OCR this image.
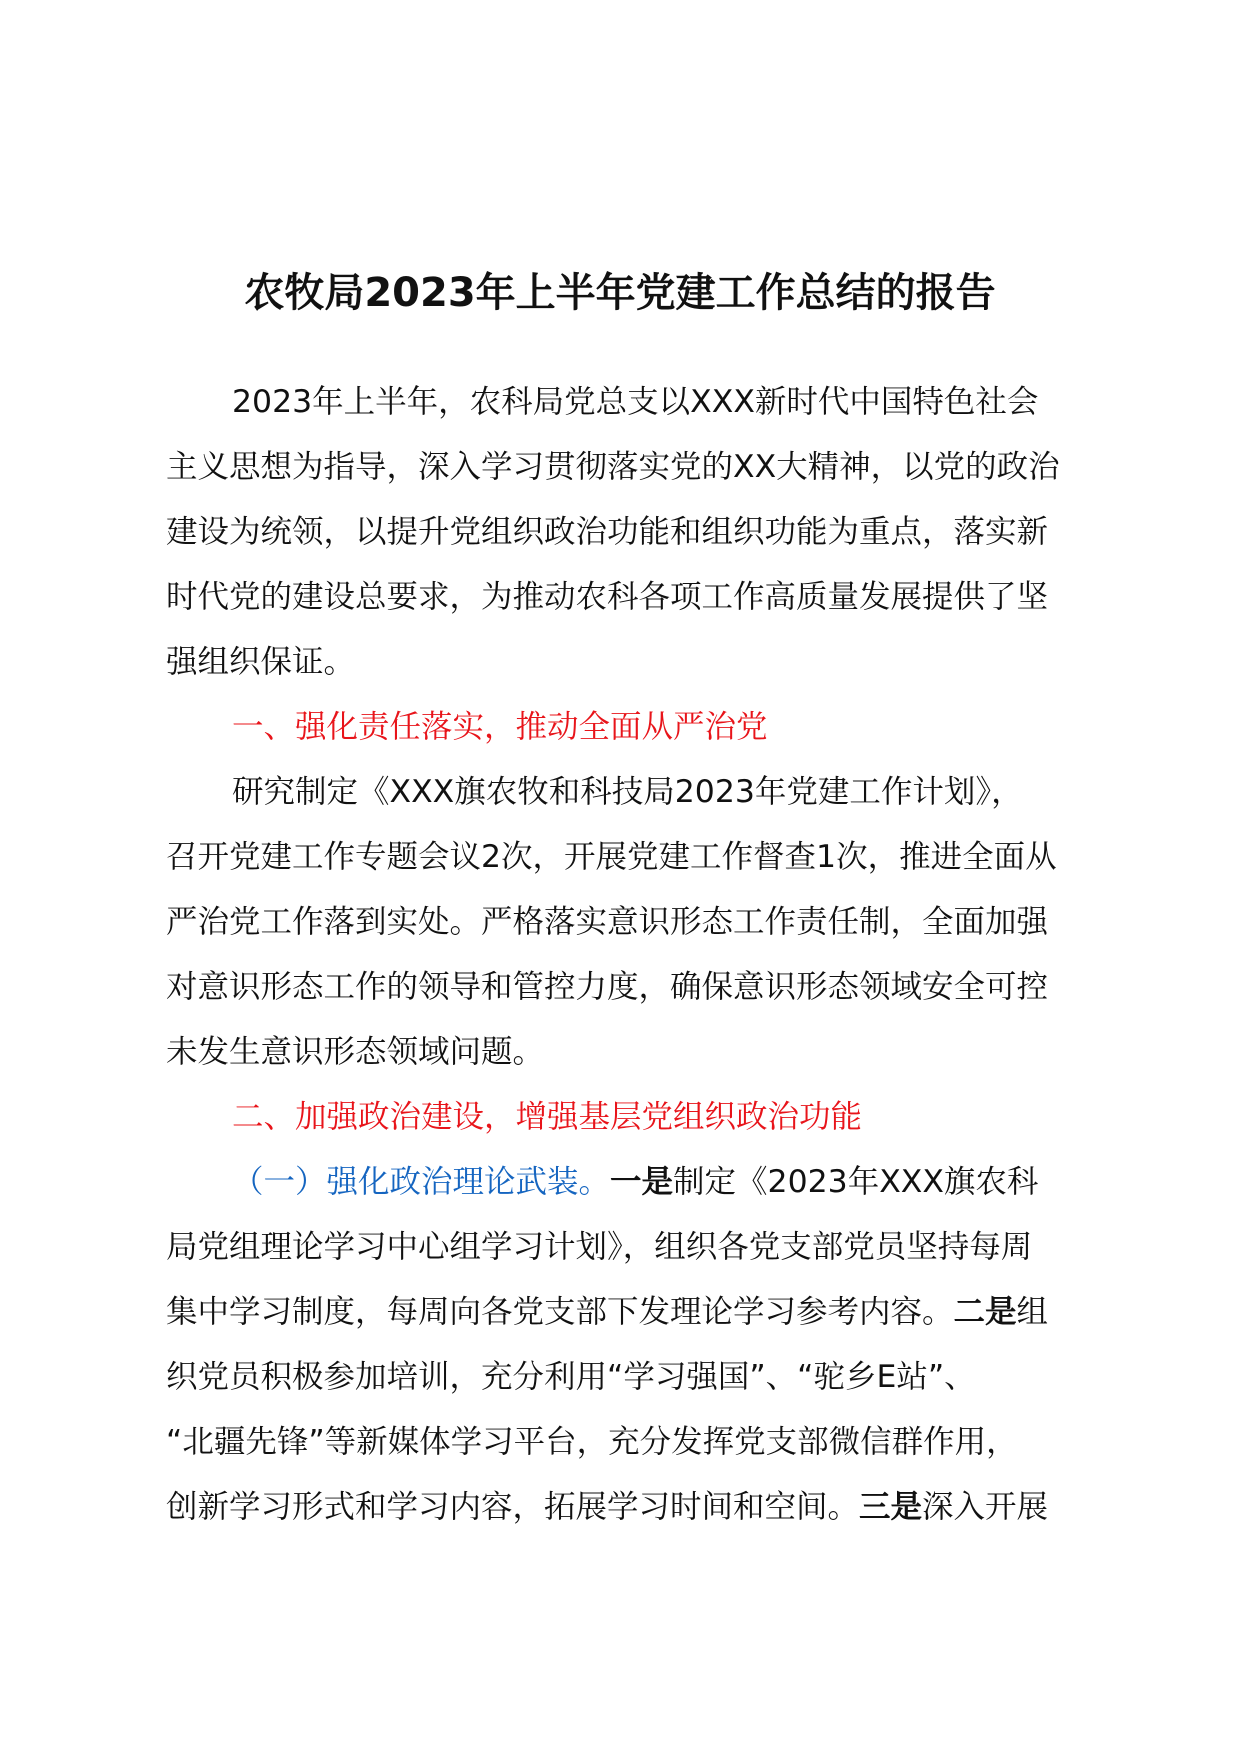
农牧局2023年上半年党建工作总结的报告
2023年上半年，农科局党总支以XXX新时代中国特色社会
主义思想为指导，深入学习贯彻落实党的XX大精神，以党的政治
建设为统领，以提升党组织政治功能和组织功能为重点，落实新
时代党的建设总要求，为推动农科各项工作高质量发展提供了坚
强组织保证。
一、强化责任落实，推动全面从严治党
研究制定《XXX旗农牧和科技局2023年党建工作计划》，
召开党建工作专题会议2次，开展党建工作督查1次，推进全面从
严治党工作落到实处。严格落实意识形态工作责任制，全面加强
对意识形态工作的领导和管控力度，确保意识形态领域安全可控
未发生意识形态领域问题。
二、加强政治建设，增强基层党组织政治功能
（一）强化政治理论武装。一是制定《2023年XXX旗农科
局党组理论学习中心组学习计划》，组织各党支部党员坚持每周
集中学习制度，每周向各党支部下发理论学习参考内容。二是组
织党员积极参加培训，充分利用“学习强国”、“驼乡E站”、
“北疆先锋”等新媒体学习平台，充分发挥党支部微信群作用，
创新学习形式和学习内容，拓展学习时间和空间。三是深入开展
